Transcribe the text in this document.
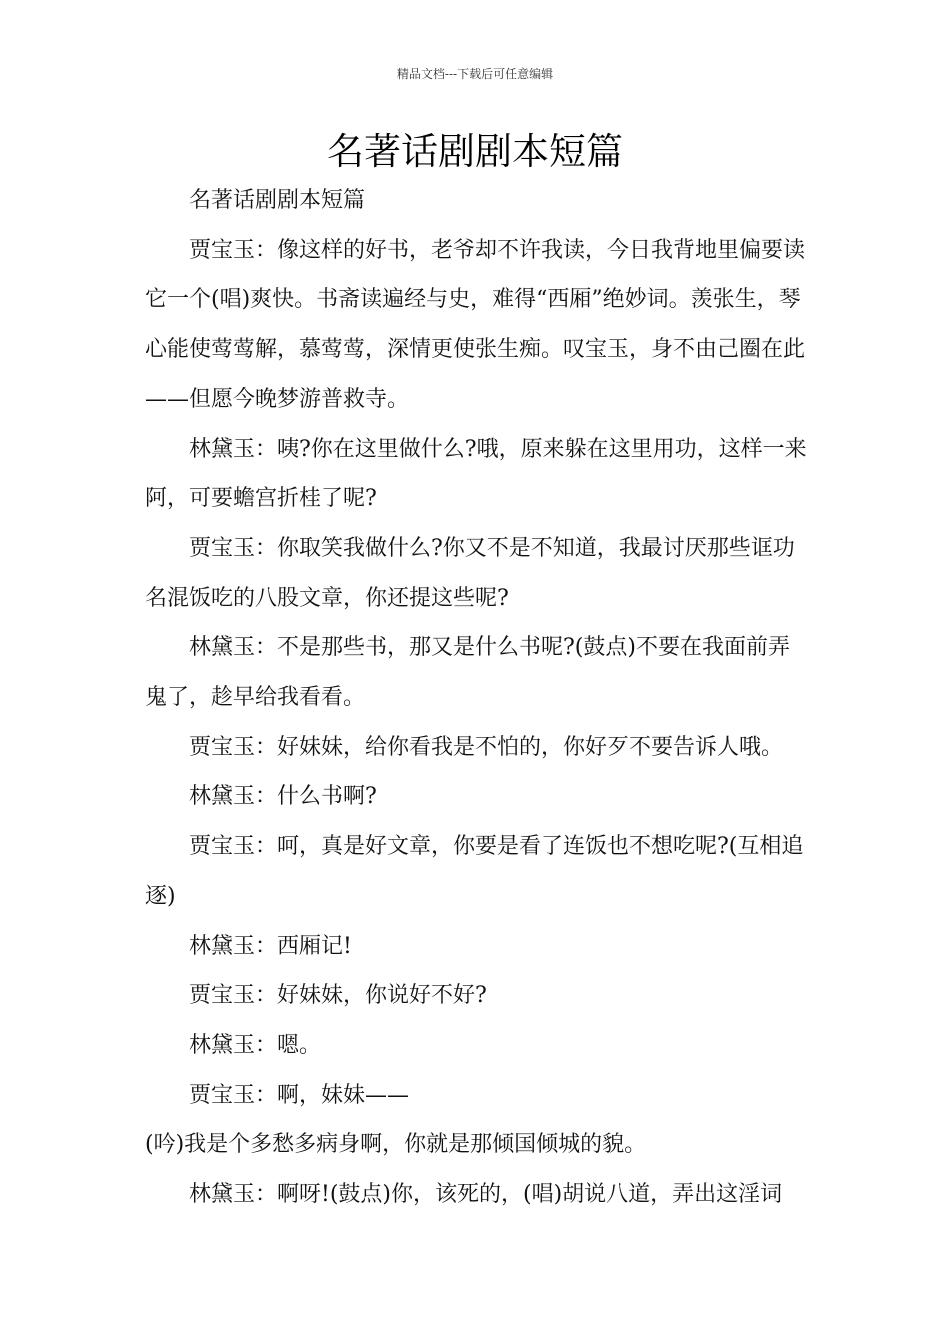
精品文档---下载后可任意编辑
名著话剧剧本短篇

名著话剧剧本短篇

贾宝玉：像这样的好书，老爷却不许我读，今日我背地里偏要读它一个(唱)爽快。书斋读遍经与史，难得“西厢”绝妙词。羡张生，琴心能使莺莺解，慕莺莺，深情更使张生痴。叹宝玉，身不由己圈在此——但愿今晚梦游普救寺。

林黛玉：咦?你在这里做什么?哦，原来躲在这里用功，这样一来阿，可要蟾宫折桂了呢?

贾宝玉：你取笑我做什么?你又不是不知道，我最讨厌那些诓功名混饭吃的八股文章，你还提这些呢?

林黛玉：不是那些书，那又是什么书呢?(鼓点)不要在我面前弄鬼了，趁早给我看看。

贾宝玉：好妹妹，给你看我是不怕的，你好歹不要告诉人哦。

林黛玉：什么书啊?

贾宝玉：呵，真是好文章，你要是看了连饭也不想吃呢?(互相追逐)

林黛玉：西厢记!

贾宝玉：好妹妹，你说好不好?

林黛玉：嗯。

贾宝玉：啊，妹妹——

(吟)我是个多愁多病身啊，你就是那倾国倾城的貌。

林黛玉：啊呀!(鼓点)你，该死的，(唱)胡说八道，弄出这淫词
